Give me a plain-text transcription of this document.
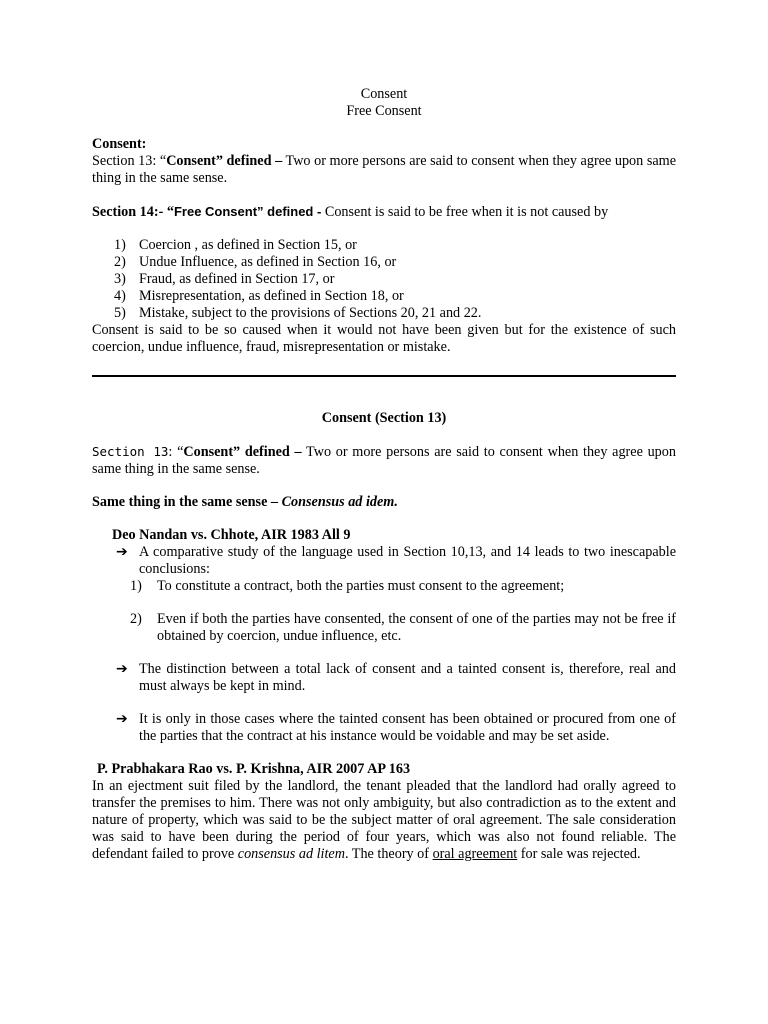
Consent

Free Consent

Consent:

Section 13: “Consent” defined – Two or more persons are said to consent when they agree upon same thing in the same sense.

Section 14:- “Free Consent” defined - Consent is said to be free when it is not caused by

1) Coercion , as defined in Section 15, or
2) Undue Influence, as defined in Section 16, or
3) Fraud, as defined in Section 17, or
4) Misrepresentation, as defined in Section 18, or
5) Mistake, subject to the provisions of Sections 20, 21 and 22.

Consent is said to be so caused when it would not have been given but for the existence of such coercion, undue influence, fraud, misrepresentation or mistake.

Consent (Section 13)

Section 13: “Consent” defined – Two or more persons are said to consent when they agree upon same thing in the same sense.

Same thing in the same sense – Consensus ad idem.

Deo Nandan vs. Chhote, AIR 1983 All 9

➔ A comparative study of the language used in Section 10,13, and 14 leads to two inescapable conclusions:
1) To constitute a contract, both the parties must consent to the agreement;
2) Even if both the parties have consented, the consent of one of the parties may not be free if obtained by coercion, undue influence, etc.
➔ The distinction between a total lack of consent and a tainted consent is, therefore, real and must always be kept in mind.
➔ It is only in those cases where the tainted consent has been obtained or procured from one of the parties that the contract at his instance would be voidable and may be set aside.

P. Prabhakara Rao vs. P. Krishna, AIR 2007 AP 163

In an ejectment suit filed by the landlord, the tenant pleaded that the landlord had orally agreed to transfer the premises to him. There was not only ambiguity, but also contradiction as to the extent and nature of property, which was said to be the subject matter of oral agreement. The sale consideration was said to have been during the period of four years, which was also not found reliable. The defendant failed to prove consensus ad litem. The theory of oral agreement for sale was rejected.
